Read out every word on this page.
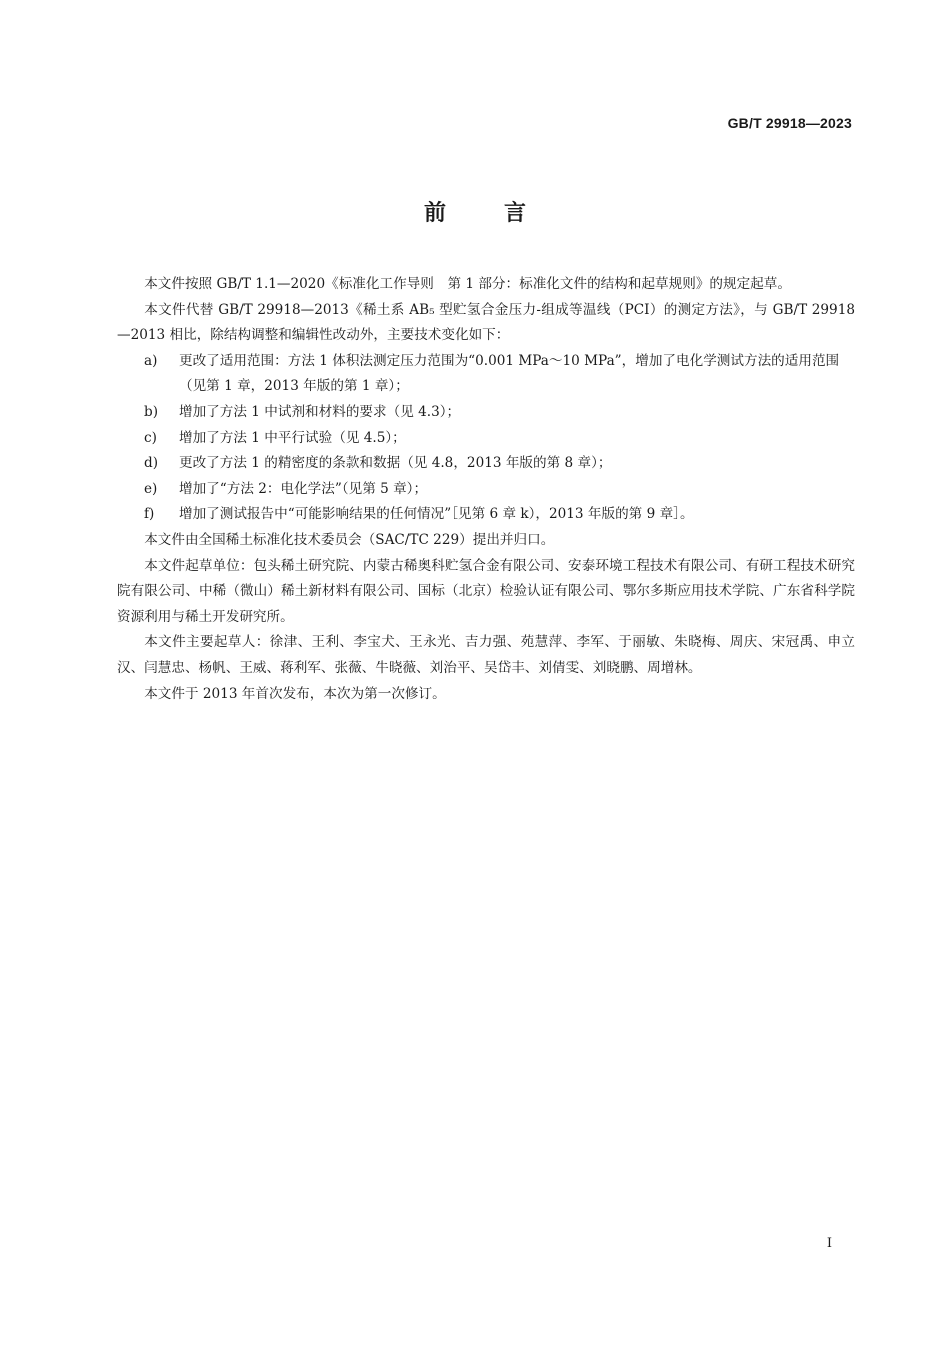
GB/T 29918—2023
前言

本文件按照 GB/T 1.1—2020《标准化工作导则　第 1 部分：标准化文件的结构和起草规则》的规定起草。

本文件代替 GB/T 29918—2013《稀土系 AB₅ 型贮氢合金压力-组成等温线（PCI）的测定方法》，与 GB/T 29918—2013 相比，除结构调整和编辑性改动外，主要技术变化如下：

a) 更改了适用范围：方法 1 体积法测定压力范围为“0.001 MPa～10 MPa”，增加了电化学测试方法的适用范围（见第 1 章，2013 年版的第 1 章）；
b) 增加了方法 1 中试剂和材料的要求（见 4.3）；
c) 增加了方法 1 中平行试验（见 4.5）；
d) 更改了方法 1 的精密度的条款和数据（见 4.8，2013 年版的第 8 章）；
e) 增加了“方法 2：电化学法”（见第 5 章）；
f) 增加了测试报告中“可能影响结果的任何情况”［见第 6 章 k），2013 年版的第 9 章］。

本文件由全国稀土标准化技术委员会（SAC/TC 229）提出并归口。

本文件起草单位：包头稀土研究院、内蒙古稀奥科贮氢合金有限公司、安泰环境工程技术有限公司、有研工程技术研究院有限公司、中稀（微山）稀土新材料有限公司、国标（北京）检验认证有限公司、鄂尔多斯应用技术学院、广东省科学院资源利用与稀土开发研究所。

本文件主要起草人：徐津、王利、李宝犬、王永光、吉力强、苑慧萍、李军、于丽敏、朱晓梅、周庆、宋冠禹、申立汉、闫慧忠、杨帆、王威、蒋利军、张薇、牛晓薇、刘治平、吴岱丰、刘倩雯、刘晓鹏、周增林。

本文件于 2013 年首次发布，本次为第一次修订。

I
